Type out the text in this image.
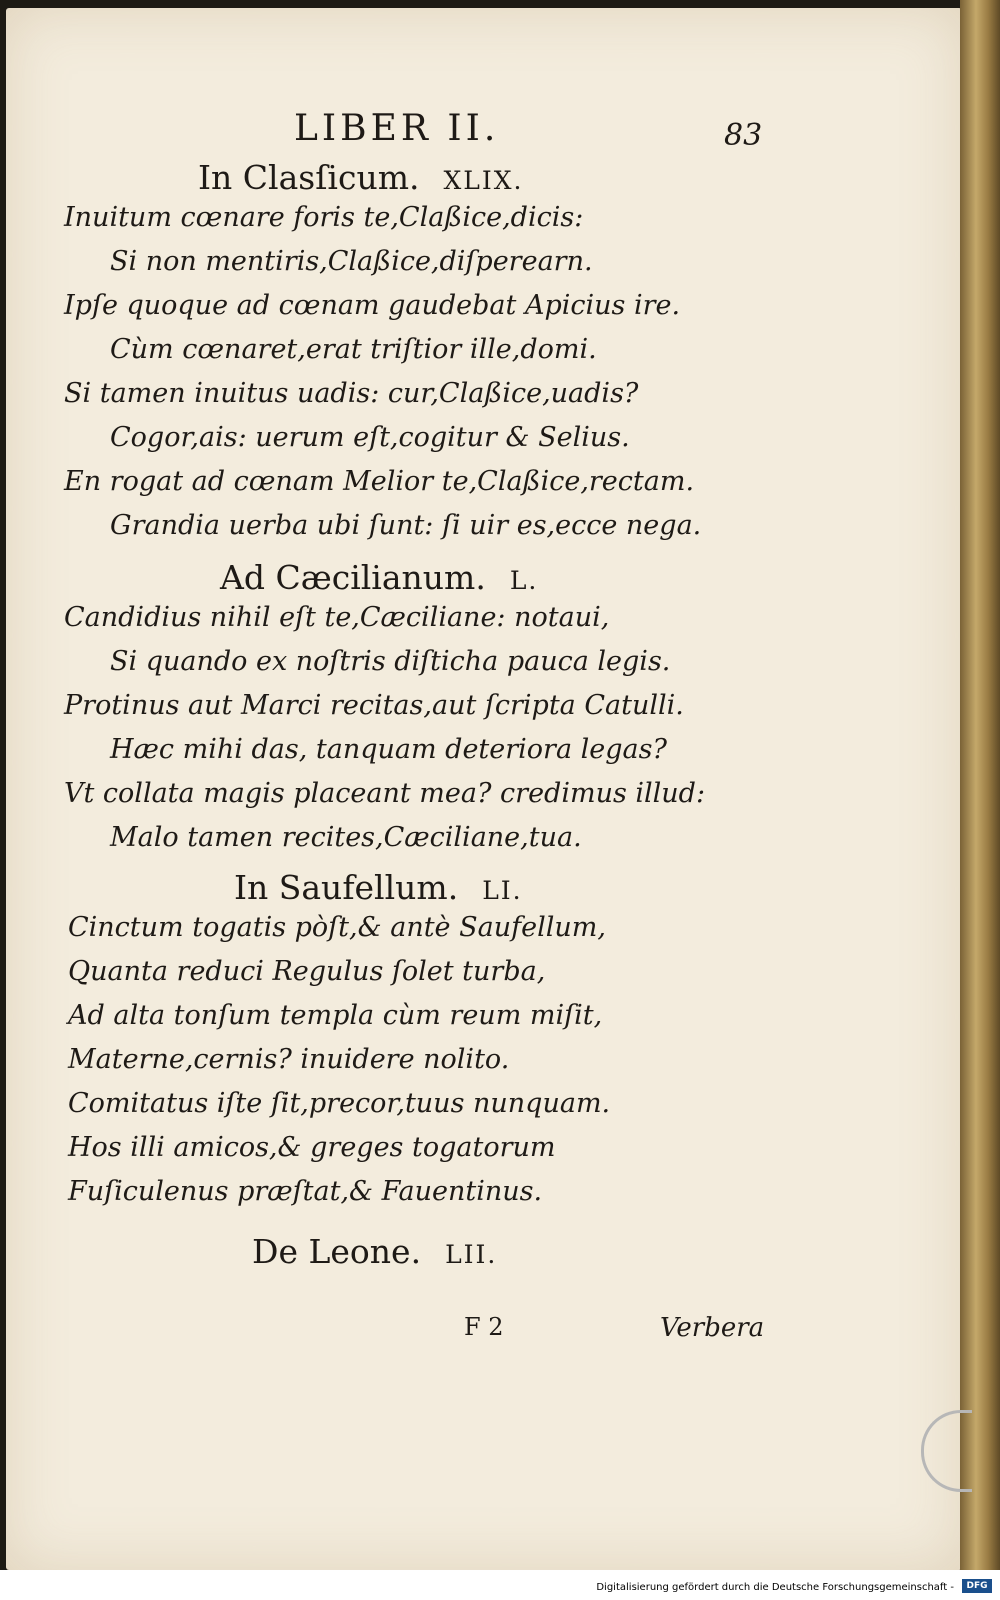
LIBER II.	83
In Clasſicum. XLIX.
Inuitum cœnare foris te,Claßice,dicis:
Si non mentiris,Claßice,diſperearn.
Ipſe quoque ad cœnam gaudebat Apicius ire.
Cùm cœnaret,erat triſtior ille,domi.
Si tamen inuitus uadis: cur,Claßice,uadis?
Cogor,ais: uerum eſt,cogitur & Selius.
En rogat ad cœnam Melior te,Claßice,rectam.
Grandia uerba ubi ſunt: ſi uir es,ecce nega.
Ad Cæcilianum. L.
Candidius nihil eſt te,Cæciliane: notaui,
Si quando ex noſtris diſticha pauca legis.
Protinus aut Marci recitas,aut ſcripta Catulli.
Hæc mihi das, tanquam deteriora legas?
Vt collata magis placeant mea? credimus illud:
Malo tamen recites,Cæciliane,tua.
In Saufellum. LI.
Cinctum togatis pòſt,& antè Saufellum,
Quanta reduci Regulus ſolet turba,
Ad alta tonſum templa cùm reum miſit,
Materne,cernis? inuidere nolito.
Comitatus iſte ſit,precor,tuus nunquam.
Hos illi amicos,& greges togatorum
Fuſiculenus præſtat,& Fauentinus.
De Leone. LII.
F 2	Verbera
Digitalisierung gefördert durch die Deutsche Forschungsgemeinschaft -	DFG
